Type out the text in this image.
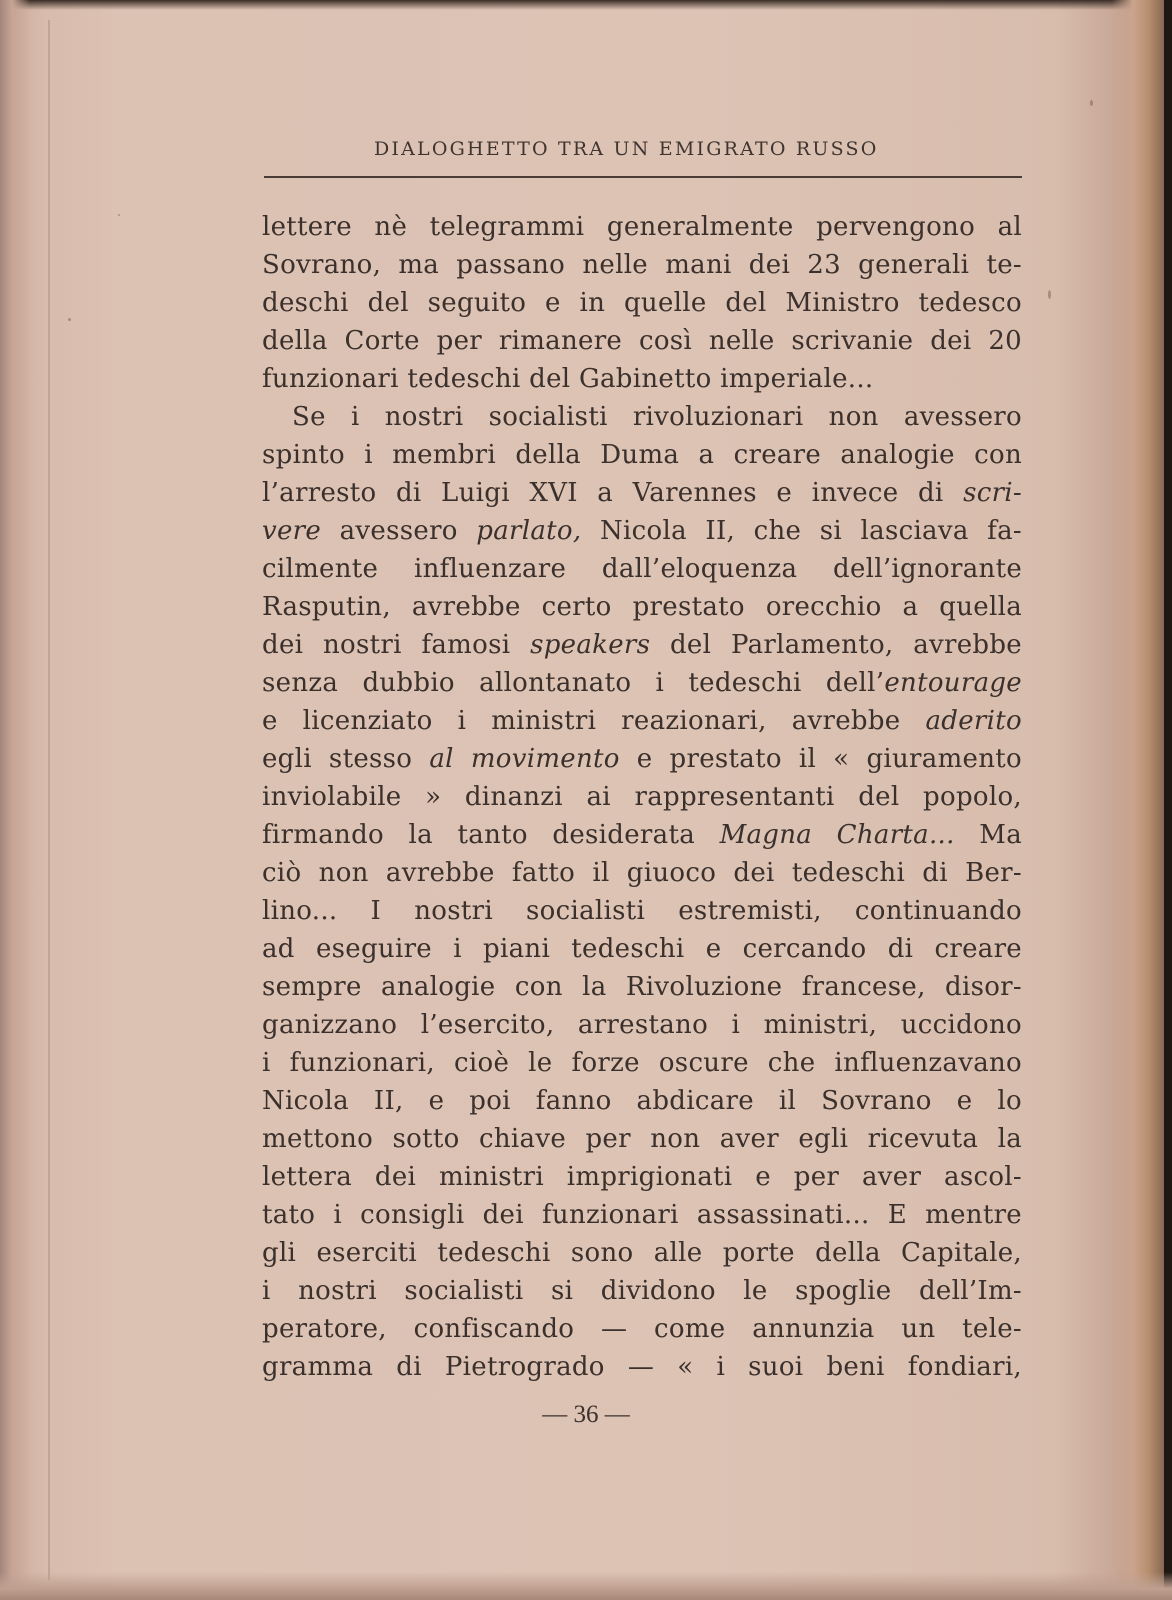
DIALOGHETTO TRA UN EMIGRATO RUSSO
lettere nè telegrammi generalmente pervengono al
Sovrano, ma passano nelle mani dei 23 generali te-
deschi del seguito e in quelle del Ministro tedesco
della Corte per rimanere così nelle scrivanie dei 20
funzionari tedeschi del Gabinetto imperiale...
Se i nostri socialisti rivoluzionari non avessero
spinto i membri della Duma a creare analogie con
l’arresto di Luigi XVI a Varennes e invece di scri-
vere avessero parlato, Nicola II, che si lasciava fa-
cilmente influenzare dall’eloquenza dell’ignorante
Rasputin, avrebbe certo prestato orecchio a quella
dei nostri famosi speakers del Parlamento, avrebbe
senza dubbio allontanato i tedeschi dell’entourage
e licenziato i ministri reazionari, avrebbe aderito
egli stesso al movimento e prestato il « giuramento
inviolabile » dinanzi ai rappresentanti del popolo,
firmando la tanto desiderata Magna Charta... Ma
ciò non avrebbe fatto il giuoco dei tedeschi di Ber-
lino... I nostri socialisti estremisti, continuando
ad eseguire i piani tedeschi e cercando di creare
sempre analogie con la Rivoluzione francese, disor-
ganizzano l’esercito, arrestano i ministri, uccidono
i funzionari, cioè le forze oscure che influenzavano
Nicola II, e poi fanno abdicare il Sovrano e lo
mettono sotto chiave per non aver egli ricevuta la
lettera dei ministri imprigionati e per aver ascol-
tato i consigli dei funzionari assassinati... E mentre
gli eserciti tedeschi sono alle porte della Capitale,
i nostri socialisti si dividono le spoglie dell’Im-
peratore, confiscando — come annunzia un tele-
gramma di Pietrogrado — « i suoi beni fondiari,
— 36 —
